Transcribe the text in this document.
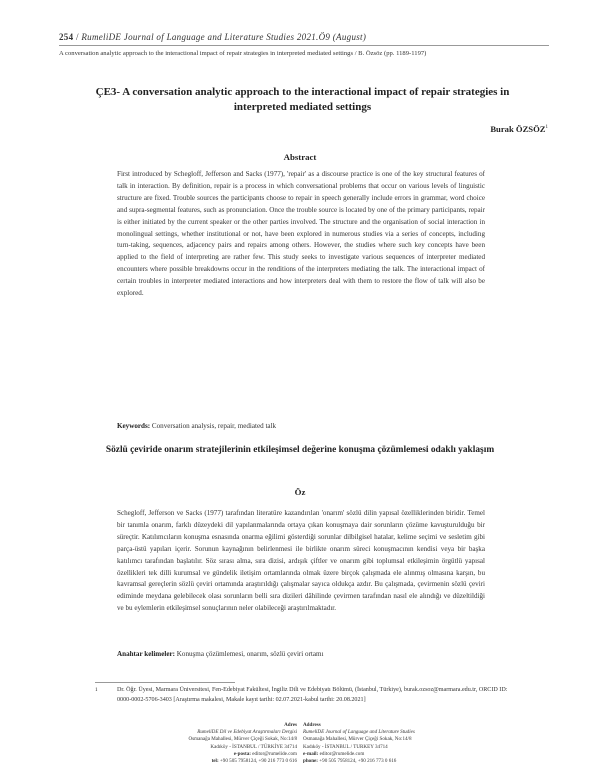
254 / RumeliDE Journal of Language and Literature Studies 2021.Ö9 (August)
A conversation analytic approach to the interactional impact of repair strategies in interpreted mediated settings / B. Özsöz (pp. 1189-1197)
ÇE3- A conversation analytic approach to the interactional impact of repair strategies in interpreted mediated settings
Burak ÖZSÖZ$^1$
Abstract
First introduced by Schegloff, Jefferson and Sacks (1977), 'repair' as a discourse practice is one of the key structural features of talk in interaction. By definition, repair is a process in which conversational problems that occur on various levels of linguistic structure are fixed. Trouble sources the participants choose to repair in speech generally include errors in grammar, word choice and supra-segmental features, such as pronunciation. Once the trouble source is located by one of the primary participants, repair is either initiated by the current speaker or the other parties involved. The structure and the organisation of social interaction in monolingual settings, whether institutional or not, have been explored in numerous studies via a series of concepts, including turn-taking, sequences, adjacency pairs and repairs among others. However, the studies where such key concepts have been applied to the field of interpreting are rather few. This study seeks to investigate various sequences of interpreter mediated encounters where possible breakdowns occur in the renditions of the interpreters mediating the talk. The interactional impact of certain troubles in interpreter mediated interactions and how interpreters deal with them to restore the flow of talk will also be explored.
Keywords: Conversation analysis, repair, mediated talk
Sözlü çeviride onarım stratejilerinin etkileşimsel değerine konuşma çözümlemesi odaklı yaklaşım
Öz
Schegloff, Jefferson ve Sacks (1977) tarafından literatüre kazandırılan 'onarım' sözlü dilin yapısal özelliklerinden biridir. Temel bir tanımla onarım, farklı düzeydeki dil yapılanmalarında ortaya çıkan konuşmaya dair sorunların çözüme kavuşturulduğu bir süreçtir. Katılımcıların konuşma esnasında onarma eğilimi gösterdiği sorunlar dilbilgisel hatalar, kelime seçimi ve sesletim gibi parça-üstü yapıları içerir. Sorunun kaynağının belirlenmesi ile birlikte onarım süreci konuşmacının kendisi veya bir başka katılımcı tarafından başlatılır. Söz sırası alma, sıra dizisi, ardışık çiftler ve onarım gibi toplumsal etkileşimin örgütlü yapısal özellikleri tek dilli kurumsal ve gündelik iletişim ortamlarında olmak üzere birçok çalışmada ele alınmış olmasına karşın, bu kavramsal gereçlerin sözlü çeviri ortamında araştırıldığı çalışmalar sayıca oldukça azdır. Bu çalışmada, çevirmenin sözlü çeviri ediminde meydana gelebilecek olası sorunların belli sıra dizileri dâhilinde çevirmen tarafından nasıl ele alındığı ve düzeltildiği ve bu eylemlerin etkileşimsel sonuçlarının neler olabileceği araştırılmaktadır.
Anahtar kelimeler: Konuşma çözümlemesi, onarım, sözlü çeviri ortamı
1	Dr. Öğr. Üyesi, Marmara Üniversitesi, Fen-Edebiyat Fakültesi, İngiliz Dili ve Edebiyatı Bölümü, (İstanbul, Türkiye), burak.ozsoz@marmara.edu.tr, ORCID ID: 0000-0002-5706-3403 [Araştırma makalesi, Makale kayıt tarihi: 02.07.2021-kabul tarihi: 20.08.2021]
Adres
RumeliDE Dil ve Edebiyat Araştırmaları Dergisi
Osmanağa Mahallesi, Mürver Çiçeği Sokak, No:14/8
Kadıköy - İSTANBUL / TÜRKİYE 34714
e-posta: editor@rumelide.com
tel: +90 505 7958124, +90 216 773 0 616
Address
RumeliDE Journal of Language and Literature Studies
Osmanağa Mahallesi, Mürver Çiçeği Sokak, No:14/8
Kadıköy - İSTANBUL / TURKEY 34714
e-mail: editor@rumelide.com
phone: +90 505 7958124, +90 216 773 0 616
